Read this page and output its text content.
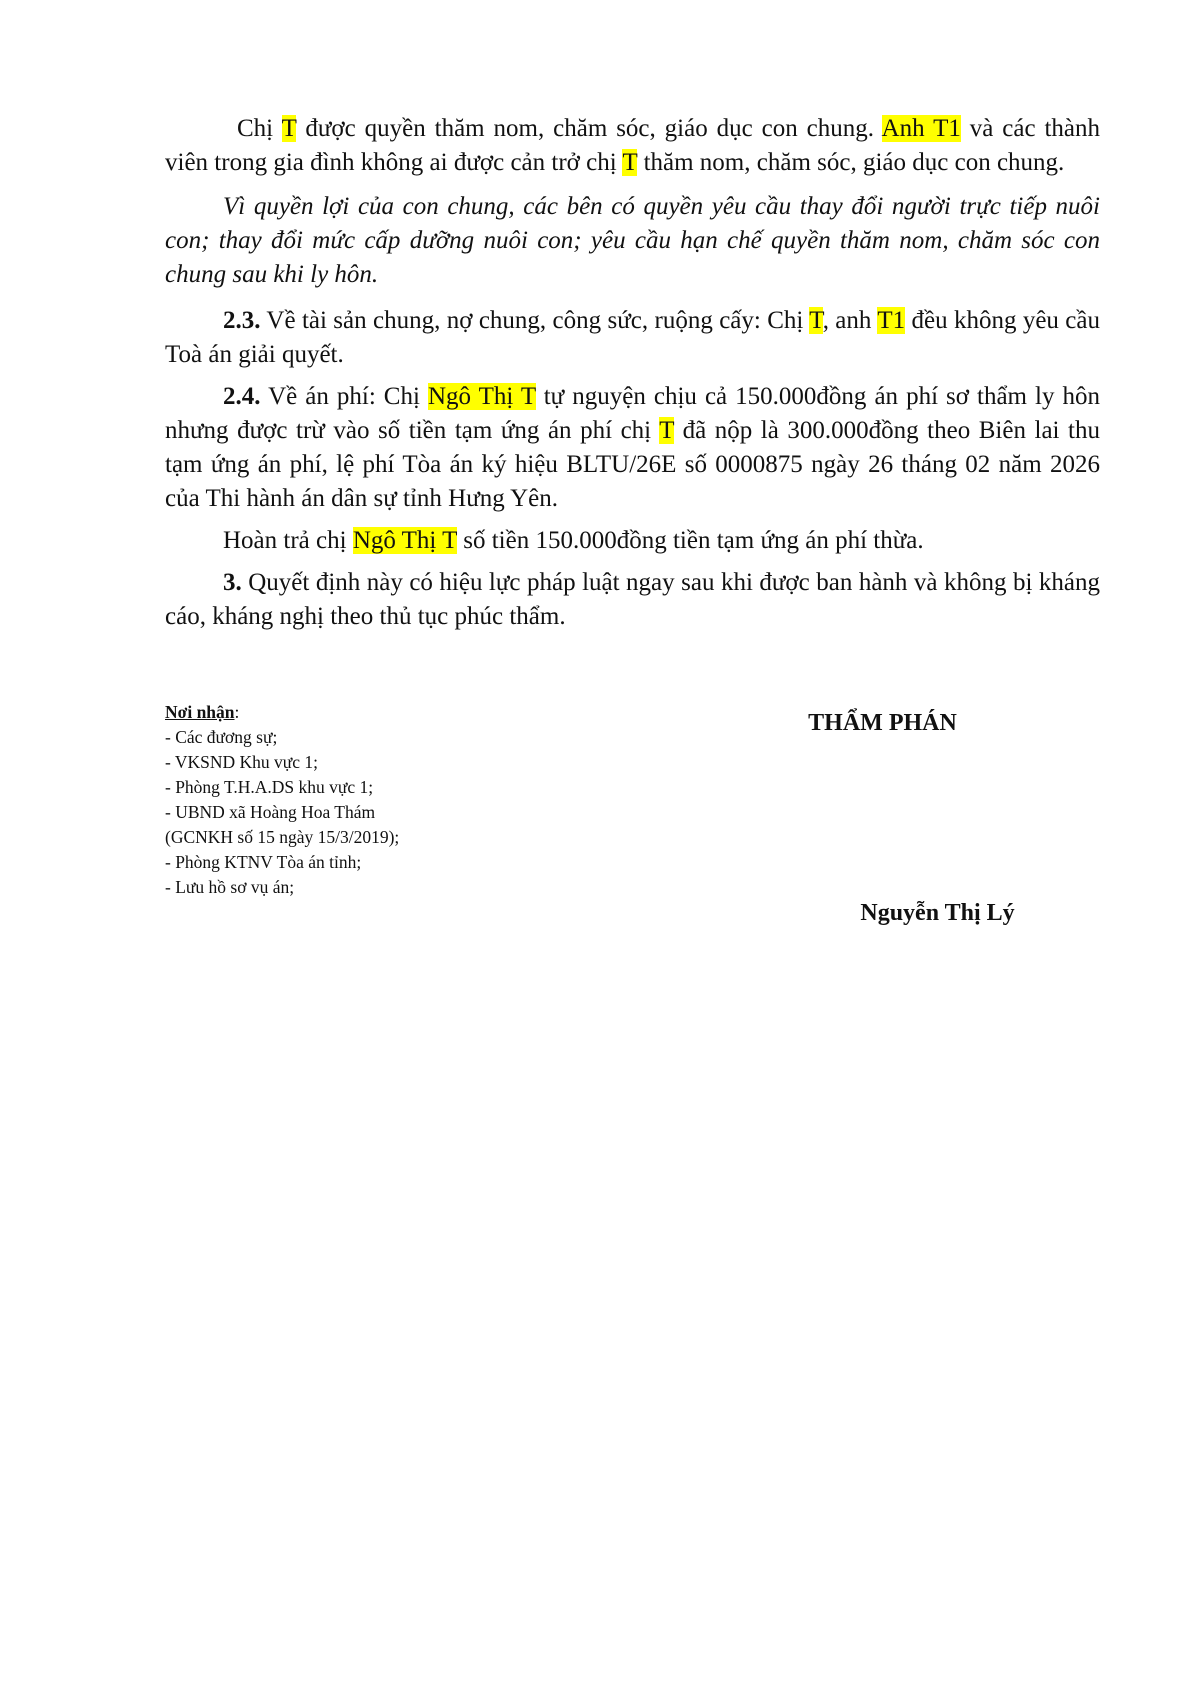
Chị T được quyền thăm nom, chăm sóc, giáo dục con chung. Anh T1 và các thành viên trong gia đình không ai được cản trở chị T thăm nom, chăm sóc, giáo dục con chung.

Vì quyền lợi của con chung, các bên có quyền yêu cầu thay đổi người trực tiếp nuôi con; thay đổi mức cấp dưỡng nuôi con; yêu cầu hạn chế quyền thăm nom, chăm sóc con chung sau khi ly hôn.

2.3. Về tài sản chung, nợ chung, công sức, ruộng cấy: Chị T, anh T1 đều không yêu cầu Toà án giải quyết.

2.4. Về án phí: Chị Ngô Thị T tự nguyện chịu cả 150.000đồng án phí sơ thẩm ly hôn nhưng được trừ vào số tiền tạm ứng án phí chị T đã nộp là 300.000đồng theo Biên lai thu tạm ứng án phí, lệ phí Tòa án ký hiệu BLTU/26E số 0000875 ngày 26 tháng 02 năm 2026 của Thi hành án dân sự tỉnh Hưng Yên.

Hoàn trả chị Ngô Thị T số tiền 150.000đồng tiền tạm ứng án phí thừa.

3. Quyết định này có hiệu lực pháp luật ngay sau khi được ban hành và không bị kháng cáo, kháng nghị theo thủ tục phúc thẩm.

Nơi nhận:
- Các đương sự;
- VKSND Khu vực 1;
- Phòng T.H.A.DS khu vực 1;
- UBND xã Hoàng Hoa Thám
(GCNKH số 15 ngày 15/3/2019);
- Phòng KTNV Tòa án tỉnh;
- Lưu hồ sơ vụ án;
THẨM PHÁN
Nguyễn Thị Lý
